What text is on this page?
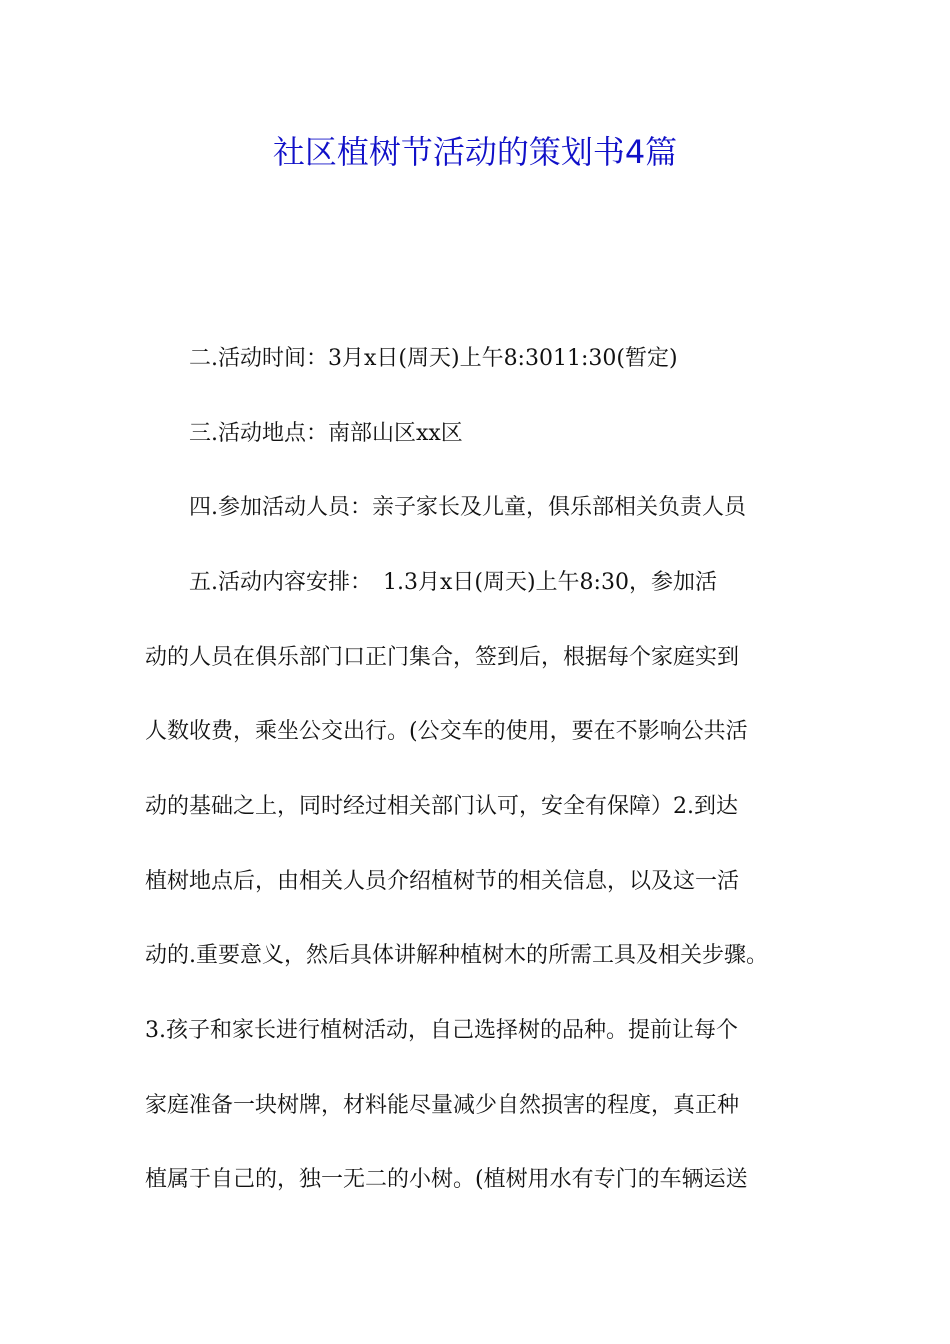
社区植树节活动的策划书4篇

　　二.活动时间：3月x日(周天)上午8:3011:30(暂定)

　　三.活动地点：南部山区xx区

　　四.参加活动人员：亲子家长及儿童，俱乐部相关负责人员

　　五.活动内容安排：　1.3月x日(周天)上午8:30，参加活

动的人员在俱乐部门口正门集合，签到后，根据每个家庭实到

人数收费，乘坐公交出行。(公交车的使用，要在不影响公共活

动的基础之上，同时经过相关部门认可，安全有保障）2.到达

植树地点后，由相关人员介绍植树节的相关信息，以及这一活

动的.重要意义，然后具体讲解种植树木的所需工具及相关步骤。

3.孩子和家长进行植树活动，自己选择树的品种。提前让每个

家庭准备一块树牌，材料能尽量减少自然损害的程度，真正种

植属于自己的，独一无二的小树。(植树用水有专门的车辆运送
